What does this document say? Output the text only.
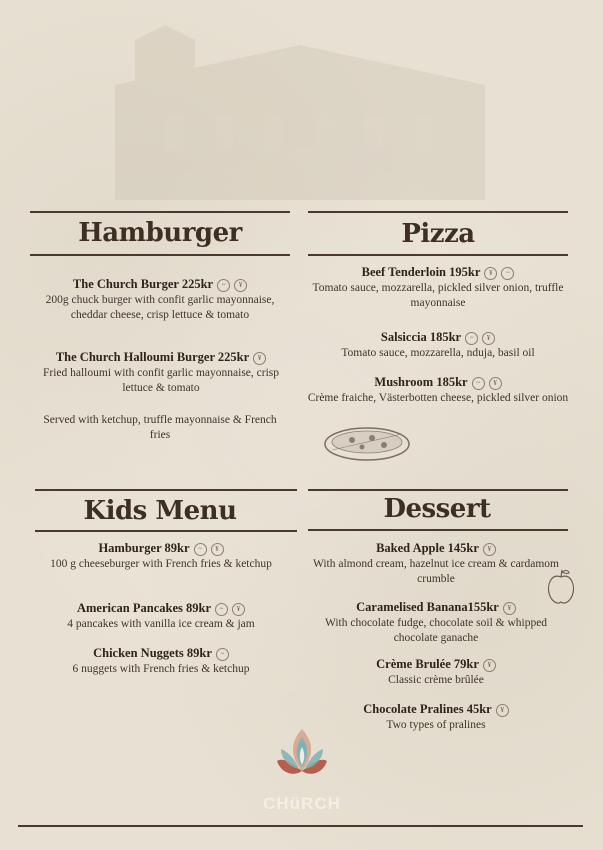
Hamburger
The Church Burger 225kr ~ ¥
200g chuck burger with confit garlic mayonnaise, cheddar cheese, crisp lettuce & tomato
The Church Halloumi Burger 225kr ¥
Fried halloumi with confit garlic mayonnaise, crisp lettuce & tomato
Served with ketchup, truffle mayonnaise & French fries
Pizza
Beef Tenderloin 195kr ¥ ~
Tomato sauce, mozzarella, pickled silver onion, truffle mayonnaise
Salsiccia 185kr ~ ¥
Tomato sauce, mozzarella, nduja, basil oil
Mushroom 185kr ~ ¥
Crème fraiche, Västerbotten cheese, pickled silver onion
Kids Menu
Hamburger 89kr ~ ¥
100 g cheeseburger with French fries & ketchup
American Pancakes 89kr ~ ¥
4 pancakes with vanilla ice cream & jam
Chicken Nuggets 89kr ~
6 nuggets with French fries & ketchup
Dessert
Baked Apple 145kr ¥
With almond cream, hazelnut ice cream & cardamom crumble
Caramelised Banana155kr ¥
With chocolate fudge, chocolate soil & whipped chocolate ganache
Crème Brulée 79kr ¥
Classic crème brûlée
Chocolate Pralines 45kr ¥
Two types of pralines
CHüRCH
